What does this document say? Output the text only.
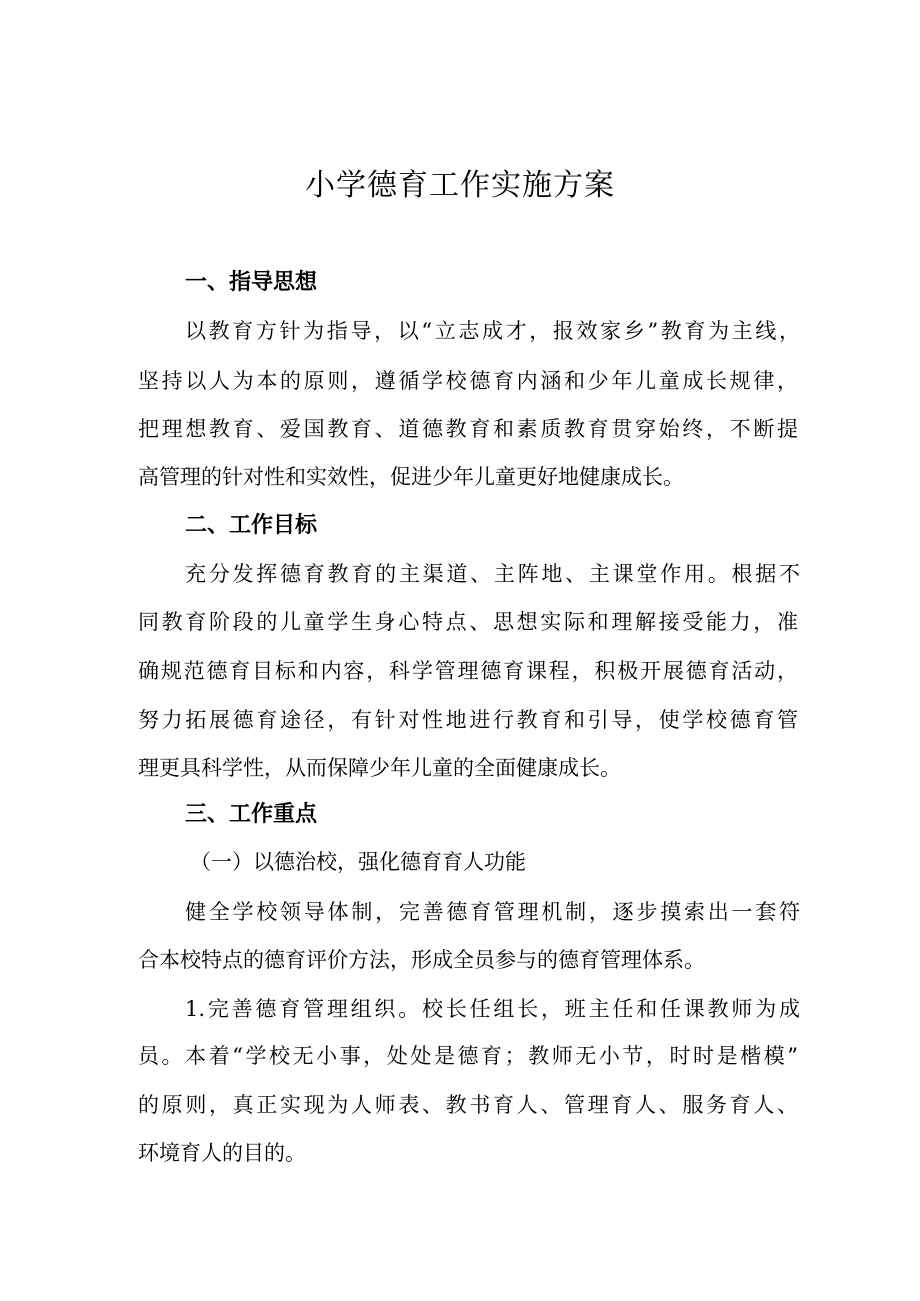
小学德育工作实施方案
一、指导思想
以教育方针为指导，以“立志成才，报效家乡”教育为主线，
坚持以人为本的原则，遵循学校德育内涵和少年儿童成长规律，
把理想教育、爱国教育、道德教育和素质教育贯穿始终，不断提
高管理的针对性和实效性，促进少年儿童更好地健康成长。
二、工作目标
充分发挥德育教育的主渠道、主阵地、主课堂作用。根据不
同教育阶段的儿童学生身心特点、思想实际和理解接受能力，准
确规范德育目标和内容，科学管理德育课程，积极开展德育活动，
努力拓展德育途径，有针对性地进行教育和引导，使学校德育管
理更具科学性，从而保障少年儿童的全面健康成长。
三、工作重点
（一）以德治校，强化德育育人功能
健全学校领导体制，完善德育管理机制，逐步摸索出一套符
合本校特点的德育评价方法，形成全员参与的德育管理体系。
1.完善德育管理组织。校长任组长，班主任和任课教师为成
员。本着“学校无小事，处处是德育；教师无小节，时时是楷模”
的原则，真正实现为人师表、教书育人、管理育人、服务育人、
环境育人的目的。
